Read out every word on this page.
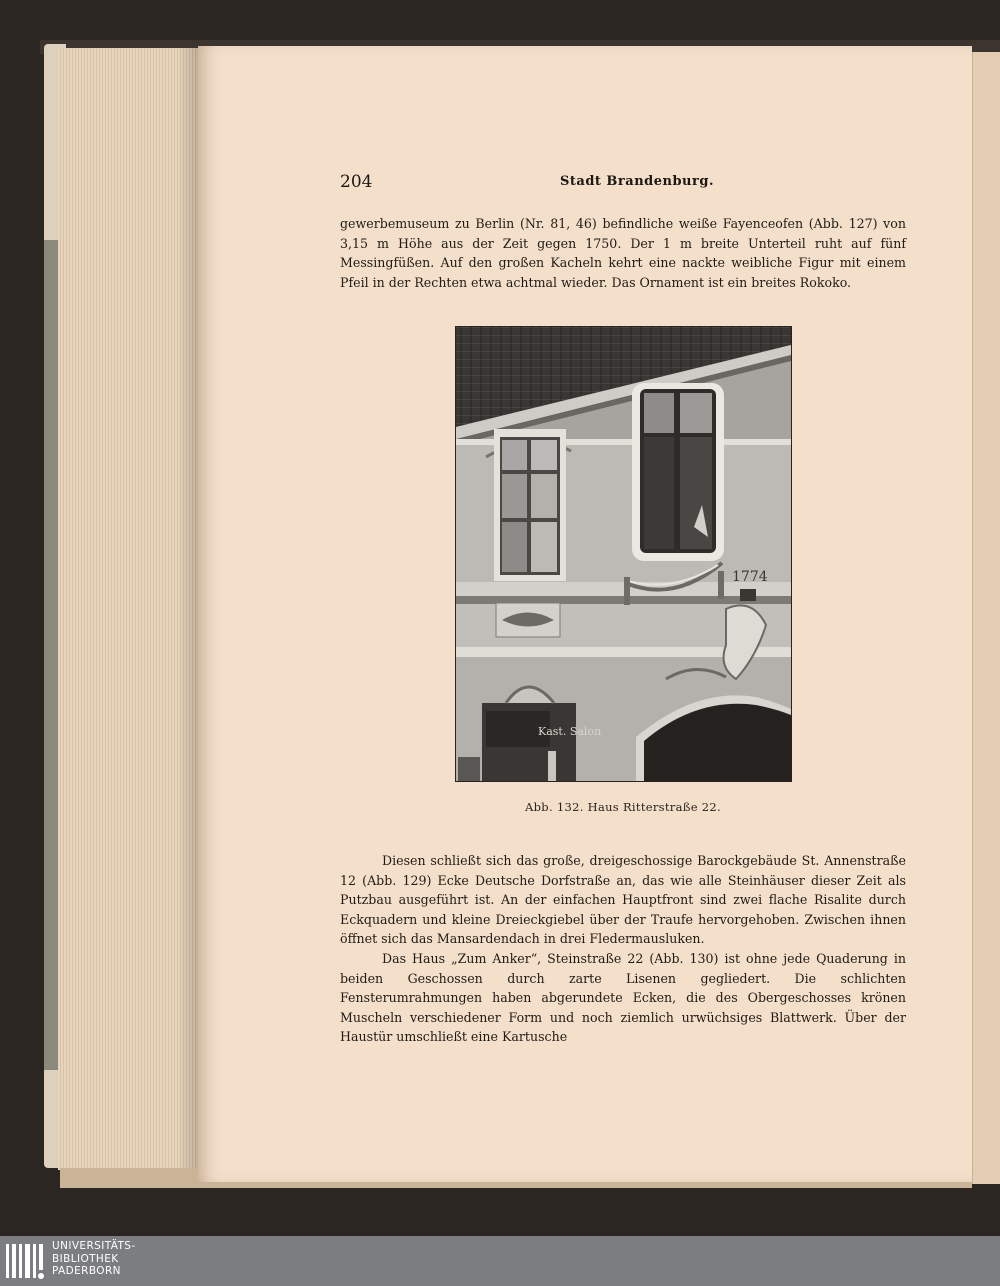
204	Stadt Brandenburg.

gewerbemuseum zu Berlin (Nr. 81, 46) befindliche weiße Fayenceofen (Abb. 127) von 3,15 m Höhe aus der Zeit gegen 1750. Der 1 m breite Unterteil ruht auf fünf Messingfüßen. Auf den großen Kacheln kehrt eine nackte weibliche Figur mit einem Pfeil in der Rechten etwa achtmal wieder. Das Ornament ist ein breites Rokoko.

1774
Kast. Salon
Abb. 132. Haus Ritterstraße 22.

Diesen schließt sich das große, dreigeschossige Barockgebäude St. Annenstraße 12 (Abb. 129) Ecke Deutsche Dorfstraße an, das wie alle Steinhäuser dieser Zeit als Putzbau ausgeführt ist. An der einfachen Hauptfront sind zwei flache Risalite durch Eckquadern und kleine Dreieckgiebel über der Traufe hervorgehoben. Zwischen ihnen öffnet sich das Mansardendach in drei Fledermausluken.

Das Haus „Zum Anker“, Steinstraße 22 (Abb. 130) ist ohne jede Quaderung in beiden Geschossen durch zarte Lisenen gegliedert. Die schlichten Fensterumrahmungen haben abgerundete Ecken, die des Obergeschosses krönen Muscheln verschiedener Form und noch ziemlich urwüchsiges Blattwerk. Über der Haustür umschließt eine Kartusche

UNIVERSITÄTS-
BIBLIOTHEK
PADERBORN
